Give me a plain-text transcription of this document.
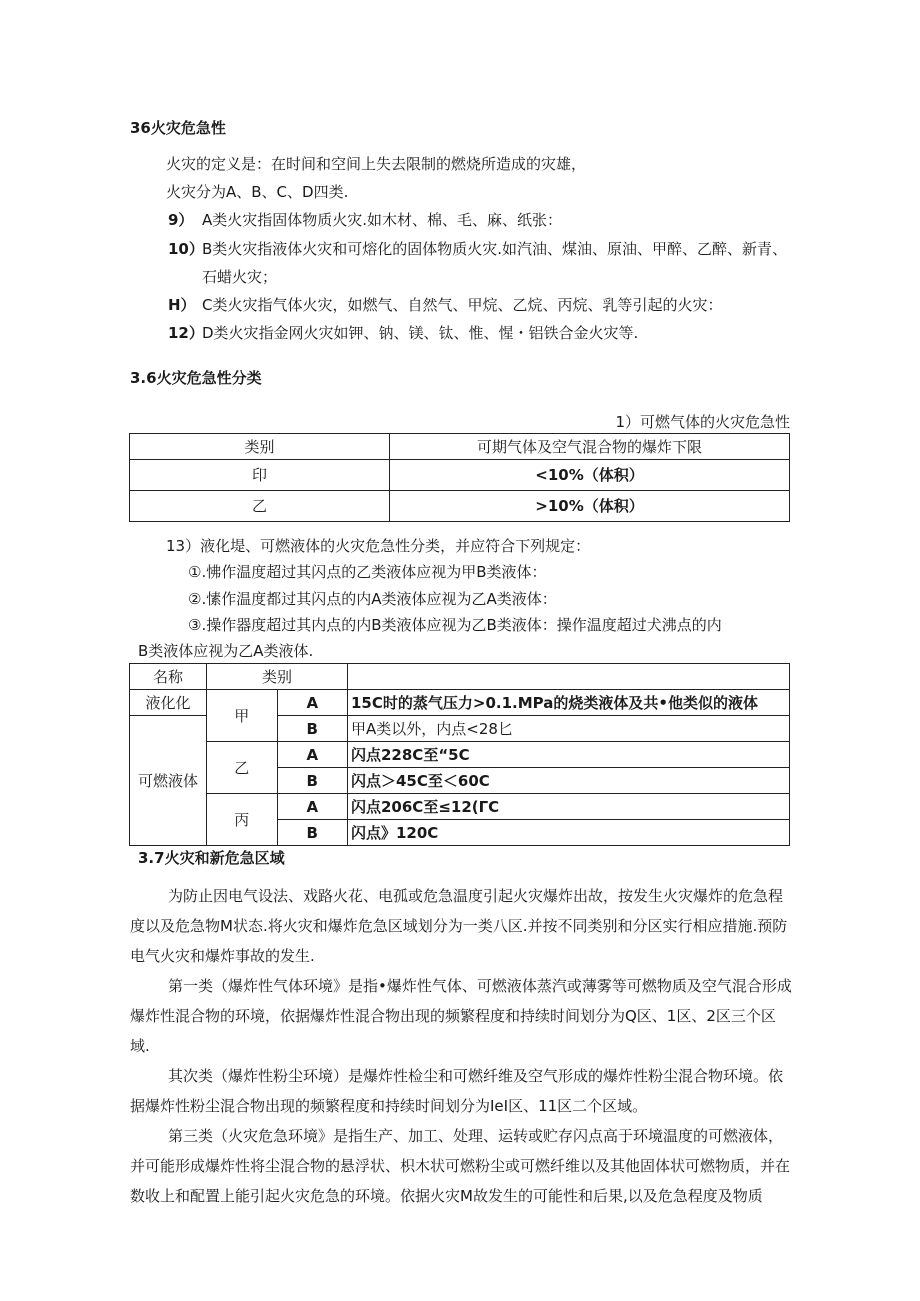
36火灾危急性
火灾的定义是：在时间和空间上失去限制的燃烧所造成的灾雄，
火灾分为A、B、C、D四类.
9） A类火灾指固体物质火灾.如木材、棉、毛、麻、纸张：
10）
B类火灾指液体火灾和可熔化的固体物质火灾.如汽油、煤油、原油、甲醉、乙醉、新青、
石蜡火灾；
H） C类火灾指气体火灾，如燃气、自然气、甲烷、乙烷、丙烷、乳等引起的火灾：
12）
D类火灾指金网火灾如钾、钠、镁、钛、惟、惺・铝铁合金火灾等.
3.6火灾危急性分类
1）可燃气体的火灾危急性
类别	可期气体及空气混合物的爆炸下限
印	<10%（体积）
乙	>10%（体积）
13）液化堤、可燃液体的火灾危急性分类，并应符合下列规定：
①.怫作温度超过其闪点的乙类液体应视为甲B类液体：
②.愫作温度都过其闪点的内A类液体应视为乙A类液体：
③.操作器度超过其内点的内B类液体应视为乙B类液体：操作温度超过犬沸点的内
B类液体应视为乙A类液体.
名称	类别		
液化化	甲	A	15C时的蒸气压力>0.1.MPa的烧类液体及共•他类似的液体
可燃液体		B	甲A类以外，内点<28匕
	乙	A	闪点228C至“5C
		B	闪点＞45C至＜60C
	丙	A	闪点206C至≤12(ГС
		B	闪点》120C
3.7火灾和新危急区域
为防止因电气设法、戏路火花、电孤或危急温度引起火灾爆炸出故，按发生火灾爆炸的危急程度以及危急物M状态.将火灾和爆炸危急区域划分为一类八区.并按不同类别和分区实行相应措施.预防电气火灾和爆炸事故的发生.
第一类（爆炸性气体环境》是指•爆炸性气体、可燃液体蒸汽或薄雾等可燃物质及空气混合形成爆炸性混合物的环境，依据爆炸性混合物出现的频繁程度和持续时间划分为Q区、1区、2区三个区域.
其次类（爆炸性粉尘环境）是爆炸性检尘和可燃纤维及空气形成的爆炸性粉尘混合物环境。依据爆炸性粉尘混合物出现的频繁程度和持续时间划分为IeI区、11区二个区域。
第三类（火灾危急环境》是指生产、加工、处理、运转或贮存闪点高于环境温度的可燃液体，并可能形成爆炸性将尘混合物的悬浮状、枳木状可燃粉尘或可燃纤维以及其他固体状可燃物质，并在数收上和配置上能引起火灾危急的环境。依据火灾M故发生的可能性和后果,以及危急程度及物质
